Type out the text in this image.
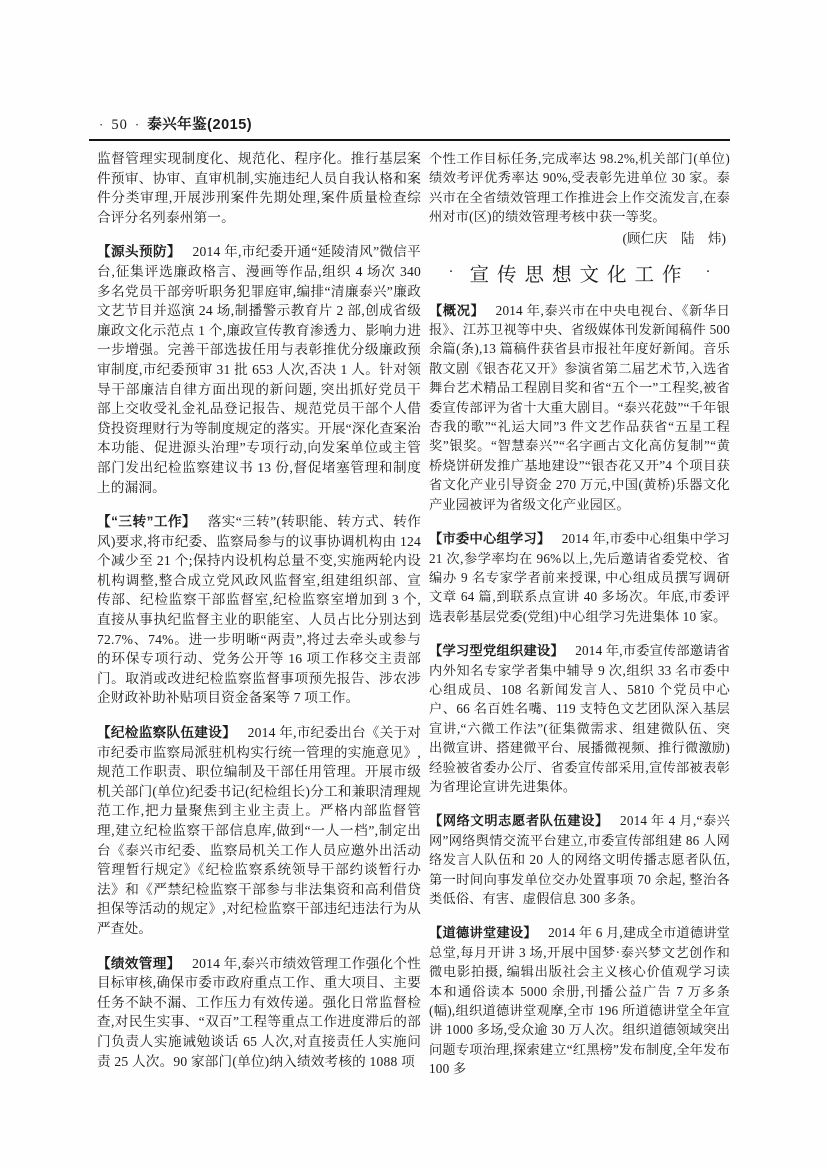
· 50 · 泰兴年鉴(2015)

监督管理实现制度化、规范化、程序化。推行基层案件预审、协审、直审机制,实施违纪人员自我认格和案件分类审理,开展涉刑案件先期处理,案件质量检查综合评分名列泰州第一。

【源头预防】 2014 年,市纪委开通“延陵清风”微信平台,征集评选廉政格言、漫画等作品,组织 4 场次 340 多名党员干部旁听职务犯罪庭审,编排“清廉泰兴”廉政文艺节目并巡演 24 场,制播警示教育片 2 部,创成省级廉政文化示范点 1 个,廉政宣传教育渗透力、影响力进一步增强。完善干部选拔任用与表彰推优分级廉政预审制度,市纪委预审 31 批 653 人次,否决 1 人。针对领导干部廉洁自律方面出现的新问题, 突出抓好党员干部上交收受礼金礼品登记报告、规范党员干部个人借贷投资理财行为等制度规定的落实。开展“深化查案治本功能、促进源头治理”专项行动,向发案单位或主管部门发出纪检监察建议书 13 份,督促堵塞管理和制度上的漏洞。

【“三转”工作】 落实“三转”(转职能、转方式、转作风)要求,将市纪委、监察局参与的议事协调机构由 124 个减少至 21 个;保持内设机构总量不变,实施两轮内设机构调整,整合成立党风政风监督室,组建组织部、宣传部、纪检监察干部监督室,纪检监察室增加到 3 个,直接从事执纪监督主业的职能室、人员占比分别达到 72.7%、74%。进一步明晰“两责”,将过去牵头或参与的环保专项行动、党务公开等 16 项工作移交主责部门。取消或改进纪检监察监督事项预先报告、涉农涉企财政补助补贴项目资金备案等 7 项工作。

【纪检监察队伍建设】 2014 年,市纪委出台《关于对市纪委市监察局派驻机构实行统一管理的实施意见》,规范工作职责、职位编制及干部任用管理。开展市级机关部门(单位)纪委书记(纪检组长)分工和兼职清理规范工作,把力量聚焦到主业主责上。严格内部监督管理,建立纪检监察干部信息库,做到“一人一档”,制定出台《泰兴市纪委、监察局机关工作人员应邀外出活动管理暂行规定》《纪检监察系统领导干部约谈暂行办法》和《严禁纪检监察干部参与非法集资和高利借贷担保等活动的规定》,对纪检监察干部违纪违法行为从严查处。

【绩效管理】 2014 年,泰兴市绩效管理工作强化个性目标审核,确保市委市政府重点工作、重大项目、主要任务不缺不漏、工作压力有效传递。强化日常监督检查,对民生实事、“双百”工程等重点工作进度滞后的部门负责人实施诫勉谈话 65 人次,对直接责任人实施问责 25 人次。90 家部门(单位)纳入绩效考核的 1088 项

个性工作目标任务,完成率达 98.2%,机关部门(单位)绩效考评优秀率达 90%,受表彰先进单位 30 家。泰兴市在全省绩效管理工作推进会上作交流发言,在泰州对市(区)的绩效管理考核中获一等奖。

(顾仁庆　陆　炜)
· 宣传思想文化工作 ·

【概况】 2014 年,泰兴市在中央电视台、《新华日报》、江苏卫视等中央、省级媒体刊发新闻稿件 500 余篇(条),13 篇稿件获省县市报社年度好新闻。音乐散文剧《银杏花又开》参演省第二届艺术节,入选省舞台艺术精品工程剧目奖和省“五个一”工程奖,被省委宣传部评为省十大重大剧目。“泰兴花鼓”“千年银杏我的歌”“礼运大同”3 件文艺作品获省“五星工程奖”银奖。“智慧泰兴”“名字画古文化高仿复制”“黄桥烧饼研发推广基地建设”“银杏花又开”4 个项目获省文化产业引导资金 270 万元,中国(黄桥)乐器文化产业园被评为省级文化产业园区。

【市委中心组学习】 2014 年,市委中心组集中学习 21 次,参学率均在 96%以上,先后邀请省委党校、省编办 9 名专家学者前来授课, 中心组成员撰写调研文章 64 篇,到联系点宣讲 40 多场次。年底,市委评选表彰基层党委(党组)中心组学习先进集体 10 家。

【学习型党组织建设】 2014 年,市委宣传部邀请省内外知名专家学者集中辅导 9 次,组织 33 名市委中心组成员、108 名新闻发言人、5810 个党员中心户、66 名百姓名嘴、119 支特色文艺团队深入基层宣讲,“六微工作法”(征集微需求、组建微队伍、突出微宣讲、搭建微平台、展播微视频、推行微激励)经验被省委办公厅、省委宣传部采用,宣传部被表彰为省理论宣讲先进集体。

【网络文明志愿者队伍建设】 2014 年 4 月,“泰兴网”网络舆情交流平台建立,市委宣传部组建 86 人网络发言人队伍和 20 人的网络文明传播志愿者队伍,第一时间向事发单位交办处置事项 70 余起, 整治各类低俗、有害、虚假信息 300 多条。

【道德讲堂建设】 2014 年 6 月,建成全市道德讲堂总堂,每月开讲 3 场,开展中国梦·泰兴梦文艺创作和微电影拍摄, 编辑出版社会主义核心价值观学习读本和通俗读本 5000 余册,刊播公益广告 7 万多条(幅),组织道德讲堂观摩,全市 196 所道德讲堂全年宣讲 1000 多场,受众逾 30 万人次。组织道德领域突出问题专项治理,探索建立“红黑榜”发布制度,全年发布 100 多
